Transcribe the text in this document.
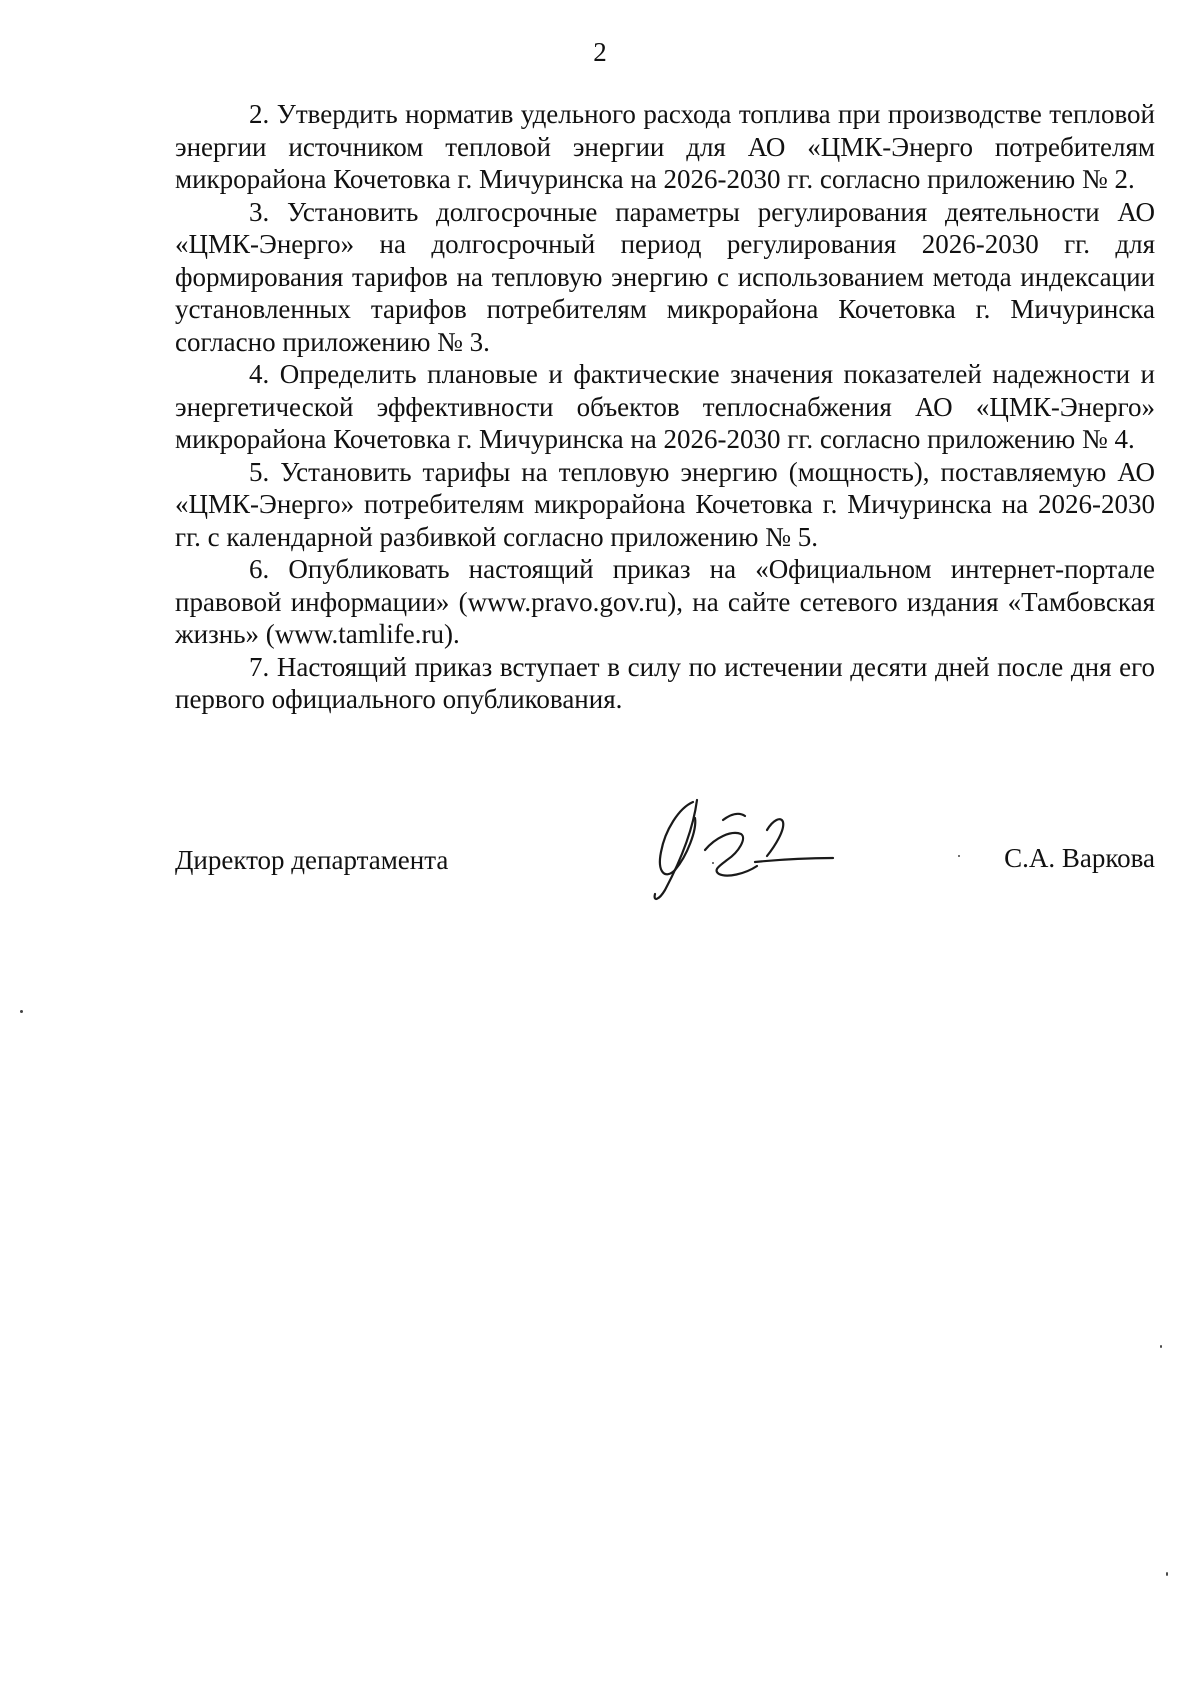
2

2. Утвердить норматив удельного расхода топлива при производстве тепловой энергии источником тепловой энергии для АО «ЦМК-Энерго потребителям микрорайона Кочетовка г. Мичуринска на 2026-2030 гг. согласно приложению № 2.

3. Установить долгосрочные параметры регулирования деятельности АО «ЦМК-Энерго» на долгосрочный период регулирования 2026-2030 гг. для формирования тарифов на тепловую энергию с использованием метода индексации установленных тарифов потребителям микрорайона Кочетовка г. Мичуринска согласно приложению № 3.

4. Определить плановые и фактические значения показателей надежности и энергетической эффективности объектов теплоснабжения АО «ЦМК-Энерго» микрорайона Кочетовка г. Мичуринска на 2026-2030 гг. согласно приложению № 4.

5. Установить тарифы на тепловую энергию (мощность), поставляемую АО «ЦМК-Энерго» потребителям микрорайона Кочетовка г. Мичуринска на 2026-2030 гг. с календарной разбивкой согласно приложению № 5.

6. Опубликовать настоящий приказ на «Официальном интернет-портале правовой информации» (www.pravo.gov.ru), на сайте сетевого издания «Тамбовская жизнь» (www.tamlife.ru).

7. Настоящий приказ вступает в силу по истечении десяти дней после дня его первого официального опубликования.

Директор департамента	С.А. Варкова
